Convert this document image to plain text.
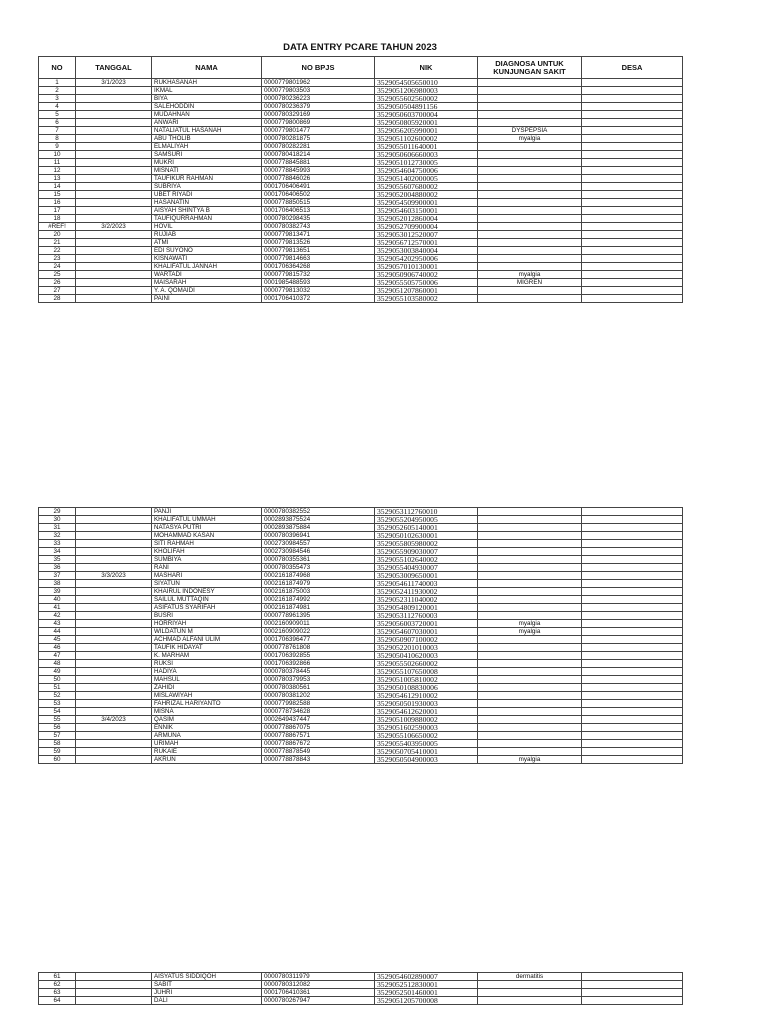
DATA ENTRY PCARE TAHUN 2023
NO	TANGGAL	NAMA	NO BPJS	NIK	DIAGNOSA UNTUK KUNJUNGAN SAKIT	DESA
1	3/1/2023	RUKHASANAH	0000779801962	3529054505650010		
2		IKMAL	0000779803503	3529051206980003		
3		BIYA	0000780236223	3529055602560002		
4		SALEHODDIN	0000780236379	3529050504891156		
5		MUDAHNAN	0000780329169	3529050603700004		
6		ANWARI	0000779800869	3529050805920001		
7		NATALIATUL HASANAH	0000779801477	3529056205990001	DYSPEPSIA	
8		ABU THOLIB	0000780281875	3529051102600002	myalgia	
9		ELMALIYAH	0000780282281	3529055011640001		
10		SAMSURI	0000780418214	3529050606660003		
11		MUKRI	0000778845881	3529051012730005		
12		MISNATI	0000778845993	3529054604750006		
13		TAUFIKUR RAHMAN	0000778846026	3529051402000005		
14		SUBRIYA	0001706406491	3529055607680002		
15		UBET RIYADI	0001706406502	3529052004880002		
16		HASANATIN	0000778850515	3529054509900001		
17		AISYAH SHINTYA B	0001706406513	3529054603150001		
18		TAUFIQURRAHMAN	0000780298435	3529052012860004		
#REF!	3/2/2023	HOVIL	0000780382743	3529052709900004		
20		RUJIAB	0000779813471	3529053012520007		
21		ATMI	0000779813526	3529056712570001		
22		EDI SUYONO	0000779813651	3529053003840004		
23		KISNAWATI	0000779814663	3529054202950006		
24		KHALIFATUL JANNAH	0001706364268	3529057010130001		
25		WARTADI	0000779815732	3529050906740002	myalgia	
26		MAISARAH	0001985488593	3529055505750006	MIGREN	
27		Y. A. QOMAIDI	0000779813032	3529051207860001		
28		PAINI	0001706410372	3529055103580002		
29		PANJI	0000780382552	3529053112760010		
30		KHALIFATUL UMMAH	0002893875524	3529055204950005		
31		NATASYA PUTRI	0002893875884	3529052605140001		
32		MOHAMMAD KASAN	0000780396941	3529050102630001		
33		SITI RAHMAH	0002730984557	3529055805980002		
34		KHOLIFAH	0002730984546	3529055909030007		
35		SUMBIYA	0000780355361	3529055102640002		
36		RANI	0000780355473	3529055404930007		
37	3/3/2023	MASHARI	0002161874968	3529053009650001		
38		SIYATUN	0002161874979	3529054611740003		
39		KHAIRUL INDONESY	0002161875003	3529052411930002		
40		SAILUL MUTTAQIN	0002161874992	3529052311040002		
41		ASIFATUS SYARIFAH	0002161874981	3529054809120001		
42		BUSRI	0000778961395	3529053112760003		
43		HORRIYAH	0002160909011	3529056003720001	myalgia	
44		WILDATUN M	0002160909022	3529054607030001	myalgia	
45		ACHMAD ALFANI ULIM	0001706396477	3529050907100002		
46		TAUFIK HIDAYAT	0000778761808	3529052201010003		
47		K. MARHAM	0001706392855	3529050410620003		
48		RUKSI	0001706392866	3529055502660002		
49		HADIYA	0000780378445	3529055107650008		
50		MAHSUL	0000780379953	3529051005810002		
51		ZAHIDI	0000780380561	3529050108830006		
52		MISLAWIYAH	0000780381202	3529054612910002		
53		FAHRIZAL HARIYANTO	0000779982588	3529050501930003		
54		MISNA	0000778734628	3529054612620001		
55	3/4/2023	QASIM	0002649437447	3529051009880002		
56		ENNIK	0000778867075	3529051602590003		
57		ARMUNA	0000778867571	3529055106650002		
58		URIMAH	0000778867672	3529055403950005		
59		RUKAIE	0000778878549	3529050705410001		
60		AKRUN	0000778878843	3529050504900003	myalgia	
61		AISYATUS SIDDIQOH	0000780311979	3529054602890007	dermatitis	
62		SABIT	0000780312082	3529052512830001		
63		JUHRI	0001706410361	3529052501460001		
64		DALI	0000780267947	3529051205700008		
